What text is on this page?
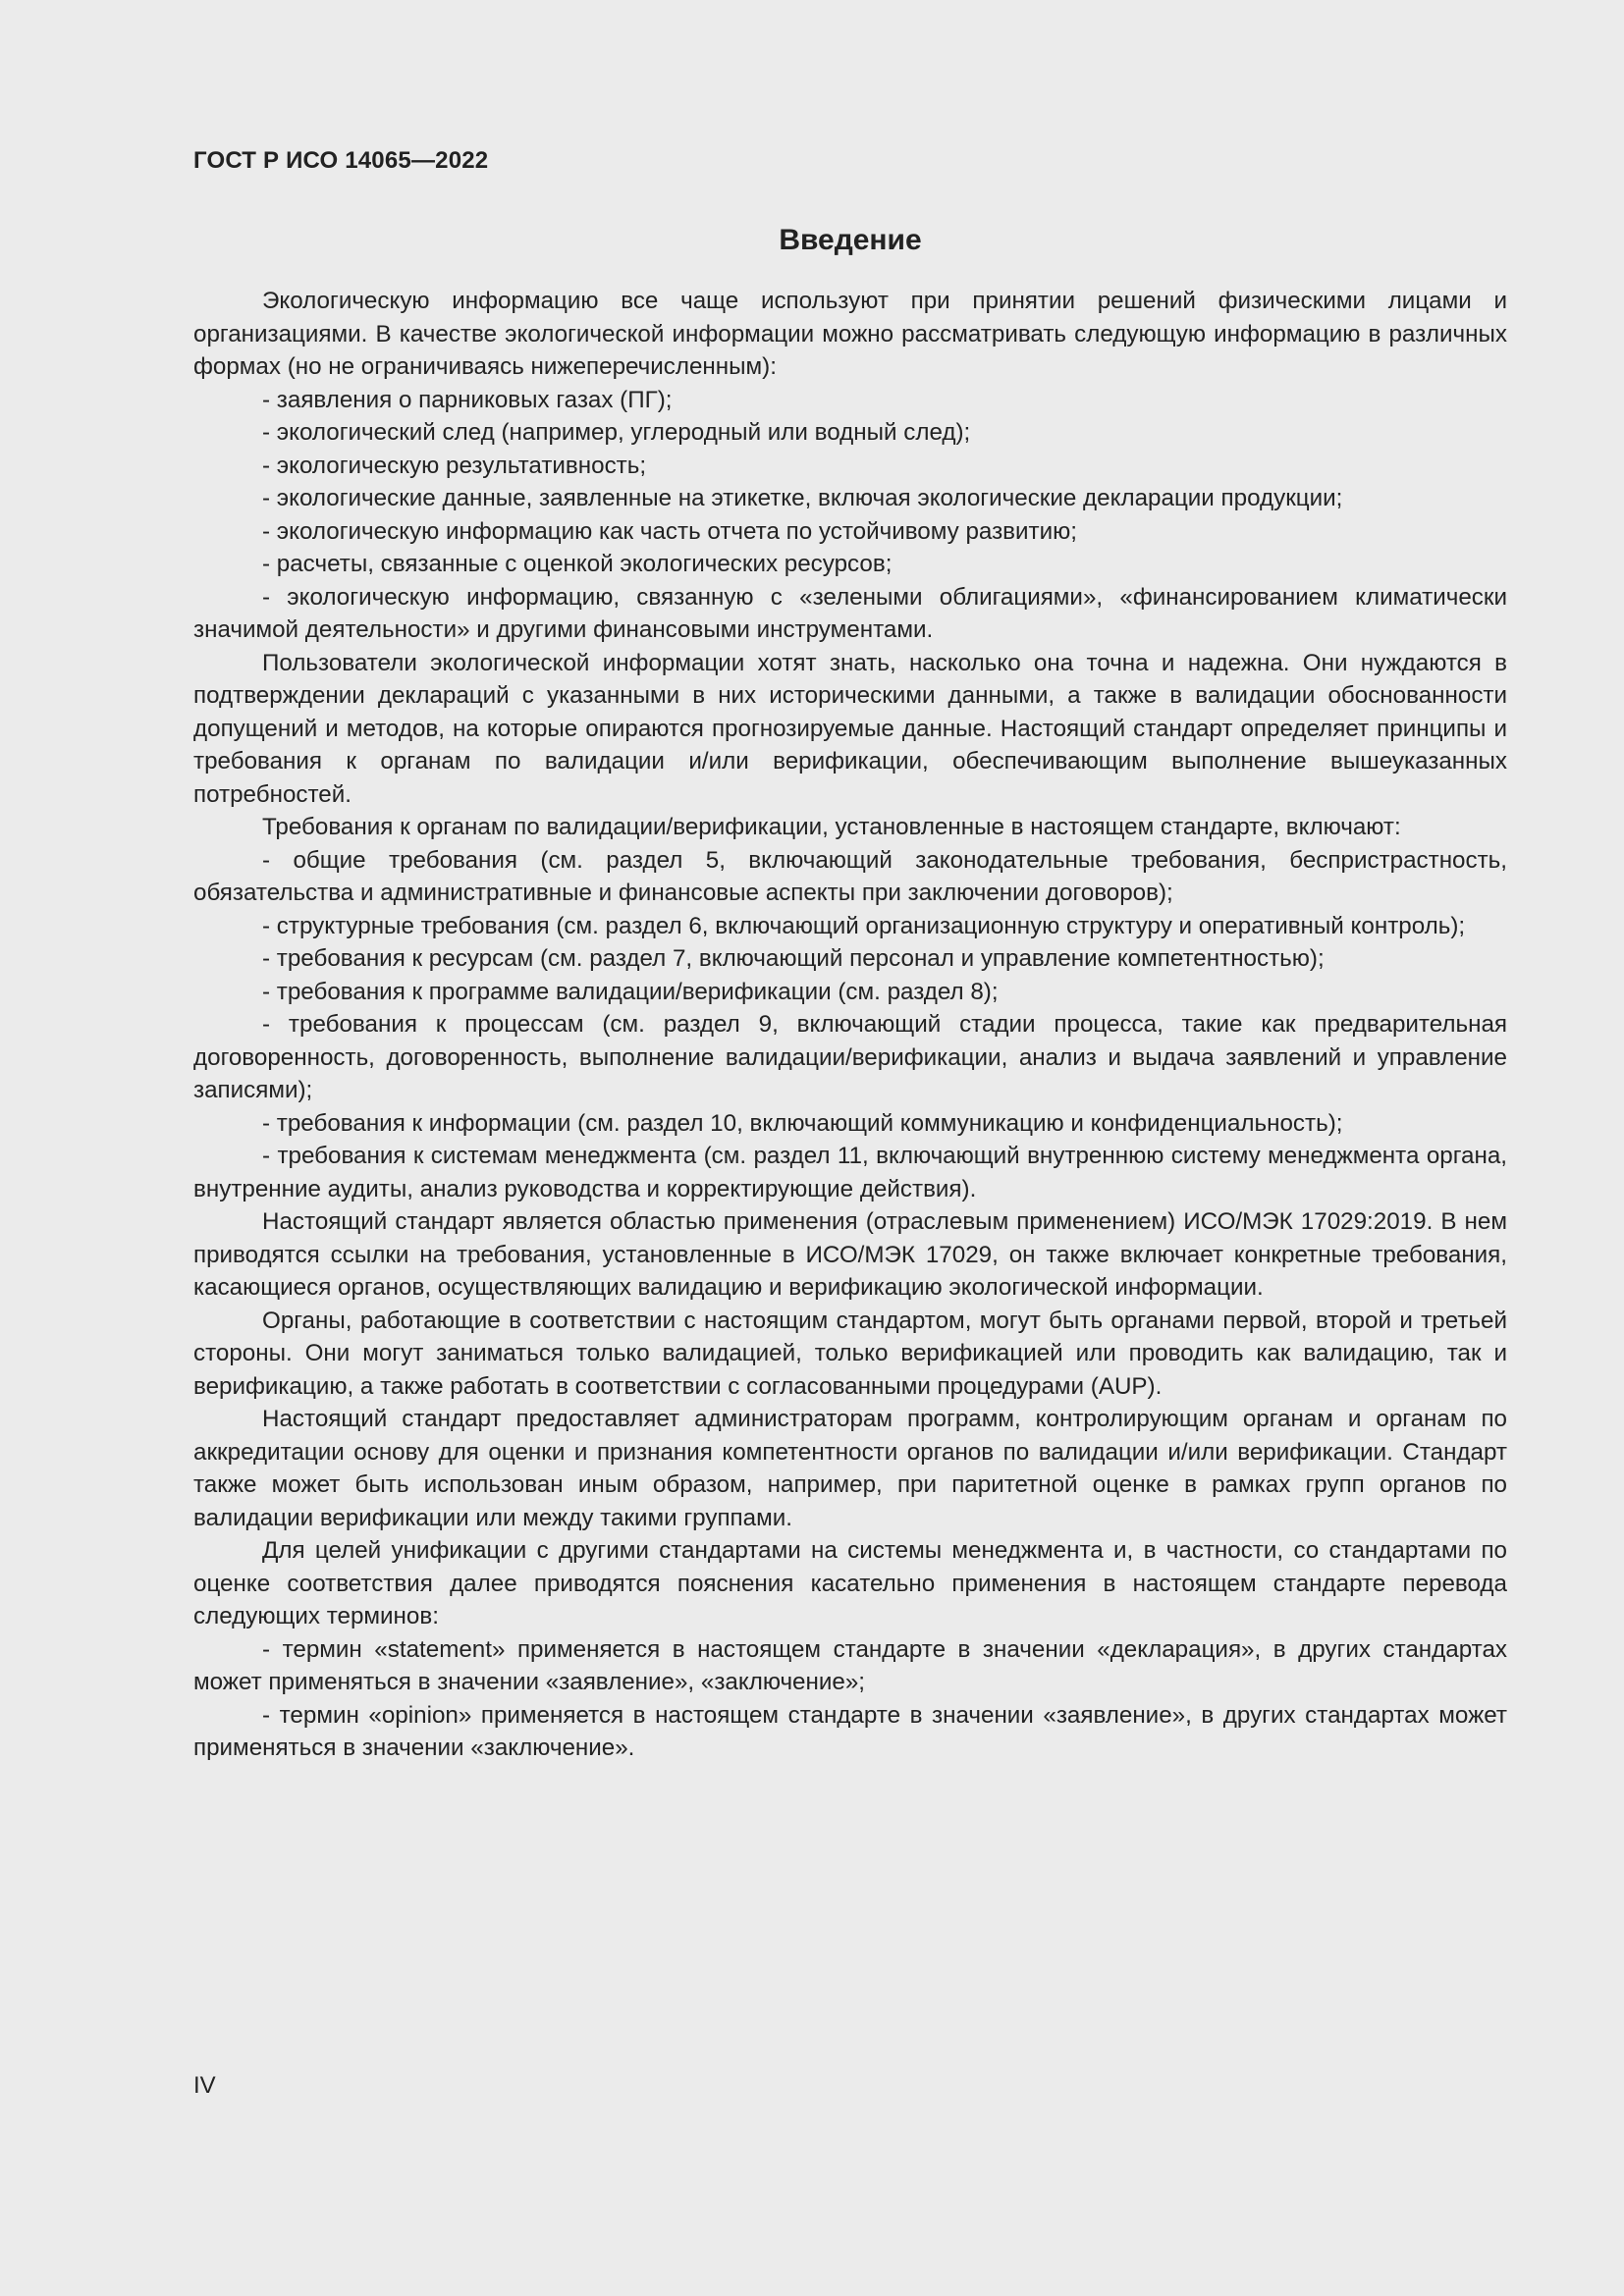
ГОСТ Р ИСО 14065—2022
Введение

Экологическую информацию все чаще используют при принятии решений физическими лицами и организациями. В качестве экологической информации можно рассматривать следующую информацию в различных формах (но не ограничиваясь нижеперечисленным):

- заявления о парниковых газах (ПГ);

- экологический след (например, углеродный или водный след);

- экологическую результативность;

- экологические данные, заявленные на этикетке, включая экологические декларации продукции;

- экологическую информацию как часть отчета по устойчивому развитию;

- расчеты, связанные с оценкой экологических ресурсов;

- экологическую информацию, связанную с «зелеными облигациями», «финансированием климатически значимой деятельности» и другими финансовыми инструментами.

Пользователи экологической информации хотят знать, насколько она точна и надежна. Они нуждаются в подтверждении деклараций с указанными в них историческими данными, а также в валидации обоснованности допущений и методов, на которые опираются прогнозируемые данные. Настоящий стандарт определяет принципы и требования к органам по валидации и/или верификации, обеспечивающим выполнение вышеуказанных потребностей.

Требования к органам по валидации/верификации, установленные в настоящем стандарте, включают:

- общие требования (см. раздел 5, включающий законодательные требования, беспристрастность, обязательства и административные и финансовые аспекты при заключении договоров);

- структурные требования (см. раздел 6, включающий организационную структуру и оперативный контроль);

- требования к ресурсам (см. раздел 7, включающий персонал и управление компетентностью);

- требования к программе валидации/верификации (см. раздел 8);

- требования к процессам (см. раздел 9, включающий стадии процесса, такие как предварительная договоренность, договоренность, выполнение валидации/верификации, анализ и выдача заявлений и управление записями);

- требования к информации (см. раздел 10, включающий коммуникацию и конфиденциальность);

- требования к системам менеджмента (см. раздел 11, включающий внутреннюю систему менеджмента органа, внутренние аудиты, анализ руководства и корректирующие действия).

Настоящий стандарт является областью применения (отраслевым применением) ИСО/МЭК 17029:2019. В нем приводятся ссылки на требования, установленные в ИСО/МЭК 17029, он также включает конкретные требования, касающиеся органов, осуществляющих валидацию и верификацию экологической информации.

Органы, работающие в соответствии с настоящим стандартом, могут быть органами первой, второй и третьей стороны. Они могут заниматься только валидацией, только верификацией или проводить как валидацию, так и верификацию, а также работать в соответствии с согласованными процедурами (AUP).

Настоящий стандарт предоставляет администраторам программ, контролирующим органам и органам по аккредитации основу для оценки и признания компетентности органов по валидации и/или верификации. Стандарт также может быть использован иным образом, например, при паритетной оценке в рамках групп органов по валидации верификации или между такими группами.

Для целей унификации с другими стандартами на системы менеджмента и, в частности, со стандартами по оценке соответствия далее приводятся пояснения касательно применения в настоящем стандарте перевода следующих терминов:

- термин «statement» применяется в настоящем стандарте в значении «декларация», в других стандартах может применяться в значении «заявление», «заключение»;

- термин «opinion» применяется в настоящем стандарте в значении «заявление», в других стандартах может применяться в значении «заключение».

IV
